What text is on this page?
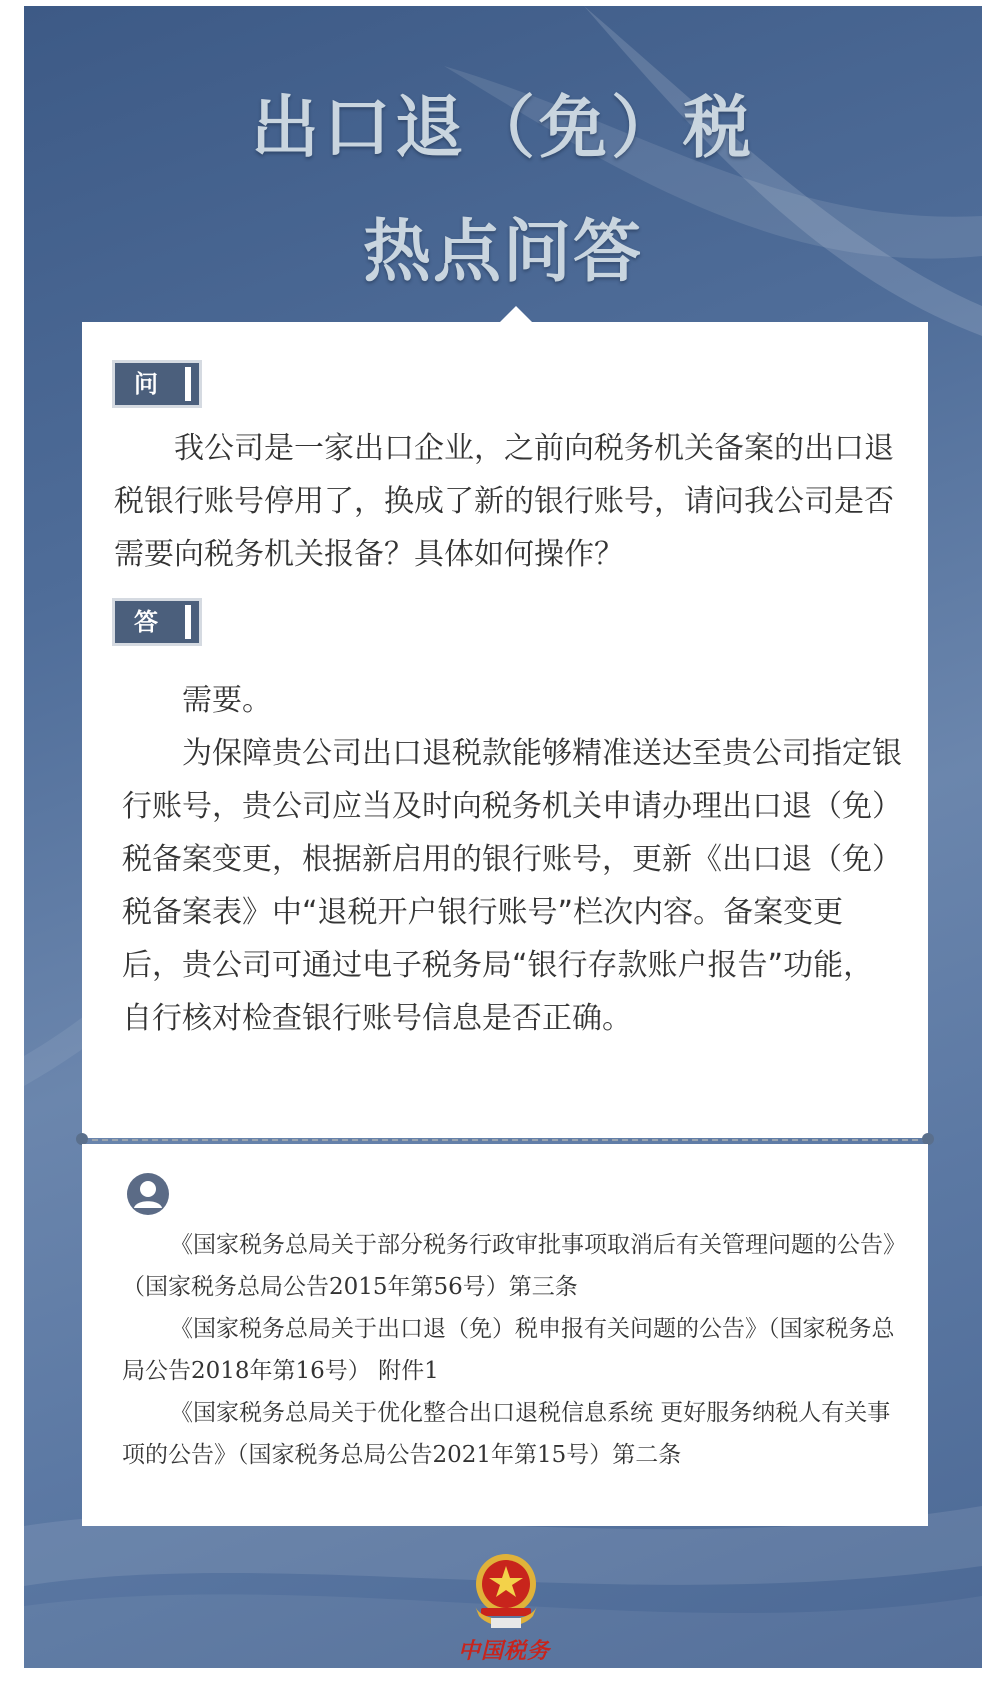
出口退（免）税
热点问答
问
我公司是一家出口企业，之前向税务机关备案的出口退税银行账号停用了，换成了新的银行账号，请问我公司是否需要向税务机关报备？具体如何操作？
答

需要。

为保障贵公司出口退税款能够精准送达至贵公司指定银行账号，贵公司应当及时向税务机关申请办理出口退（免）税备案变更，根据新启用的银行账号，更新《出口退（免）税备案表》中“退税开户银行账号”栏次内容。备案变更后，贵公司可通过电子税务局“银行存款账户报告”功能，自行核对检查银行账号信息是否正确。

《国家税务总局关于部分税务行政审批事项取消后有关管理问题的公告》（国家税务总局公告2015年第56号）第三条

《国家税务总局关于出口退（免）税申报有关问题的公告》（国家税务总局公告2018年第16号） 附件1

《国家税务总局关于优化整合出口退税信息系统 更好服务纳税人有关事项的公告》（国家税务总局公告2021年第15号）第二条

中国税务
